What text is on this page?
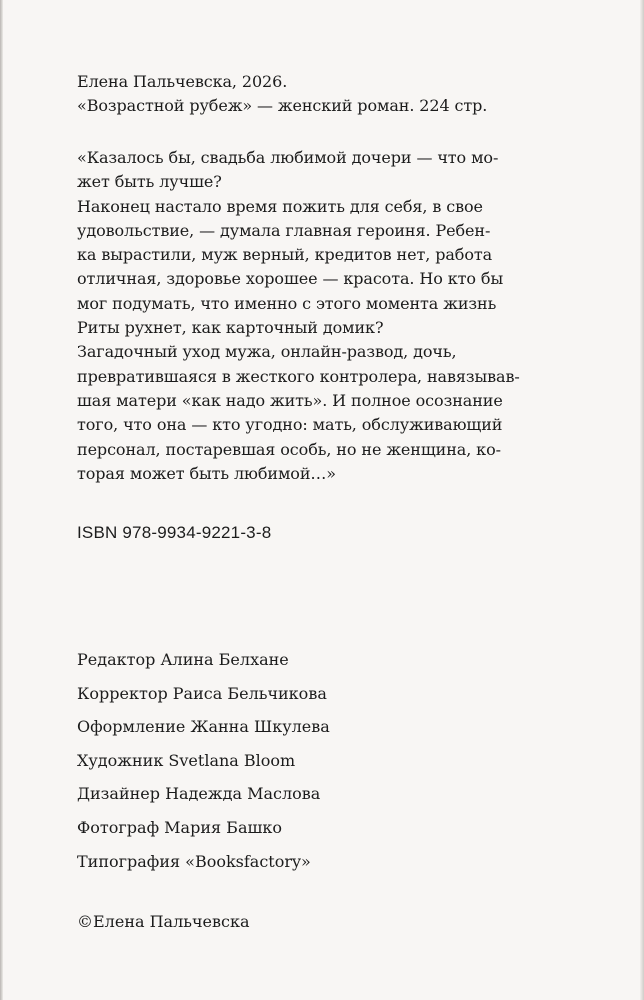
Елена Пальчевска, 2026.
«Возрастной рубеж» — женский роман. 224 стр.
«Казалось бы, свадьба любимой дочери — что мо-
жет быть лучше?
Наконец настало время пожить для себя, в свое
удовольствие, — думала главная героиня. Ребен-
ка вырастили, муж верный, кредитов нет, работа
отличная, здоровье хорошее — красота. Но кто бы
мог подумать, что именно с этого момента жизнь
Риты рухнет, как карточный домик?
Загадочный уход мужа, онлайн-развод, дочь,
превратившаяся в жесткого контролера, навязывав-
шая матери «как надо жить». И полное осознание
того, что она — кто угодно: мать, обслуживающий
персонал, постаревшая особь, но не женщина, ко-
торая может быть любимой…»
ISBN 978-9934-9221-3-8
Редактор Алина Белхане
Корректор Раиса Бельчикова
Оформление Жанна Шкулева
Художник Svetlana Bloom
Дизайнер Надежда Маслова
Фотограф Мария Башко
Типография «Booksfactory»
©Елена Пальчевска
